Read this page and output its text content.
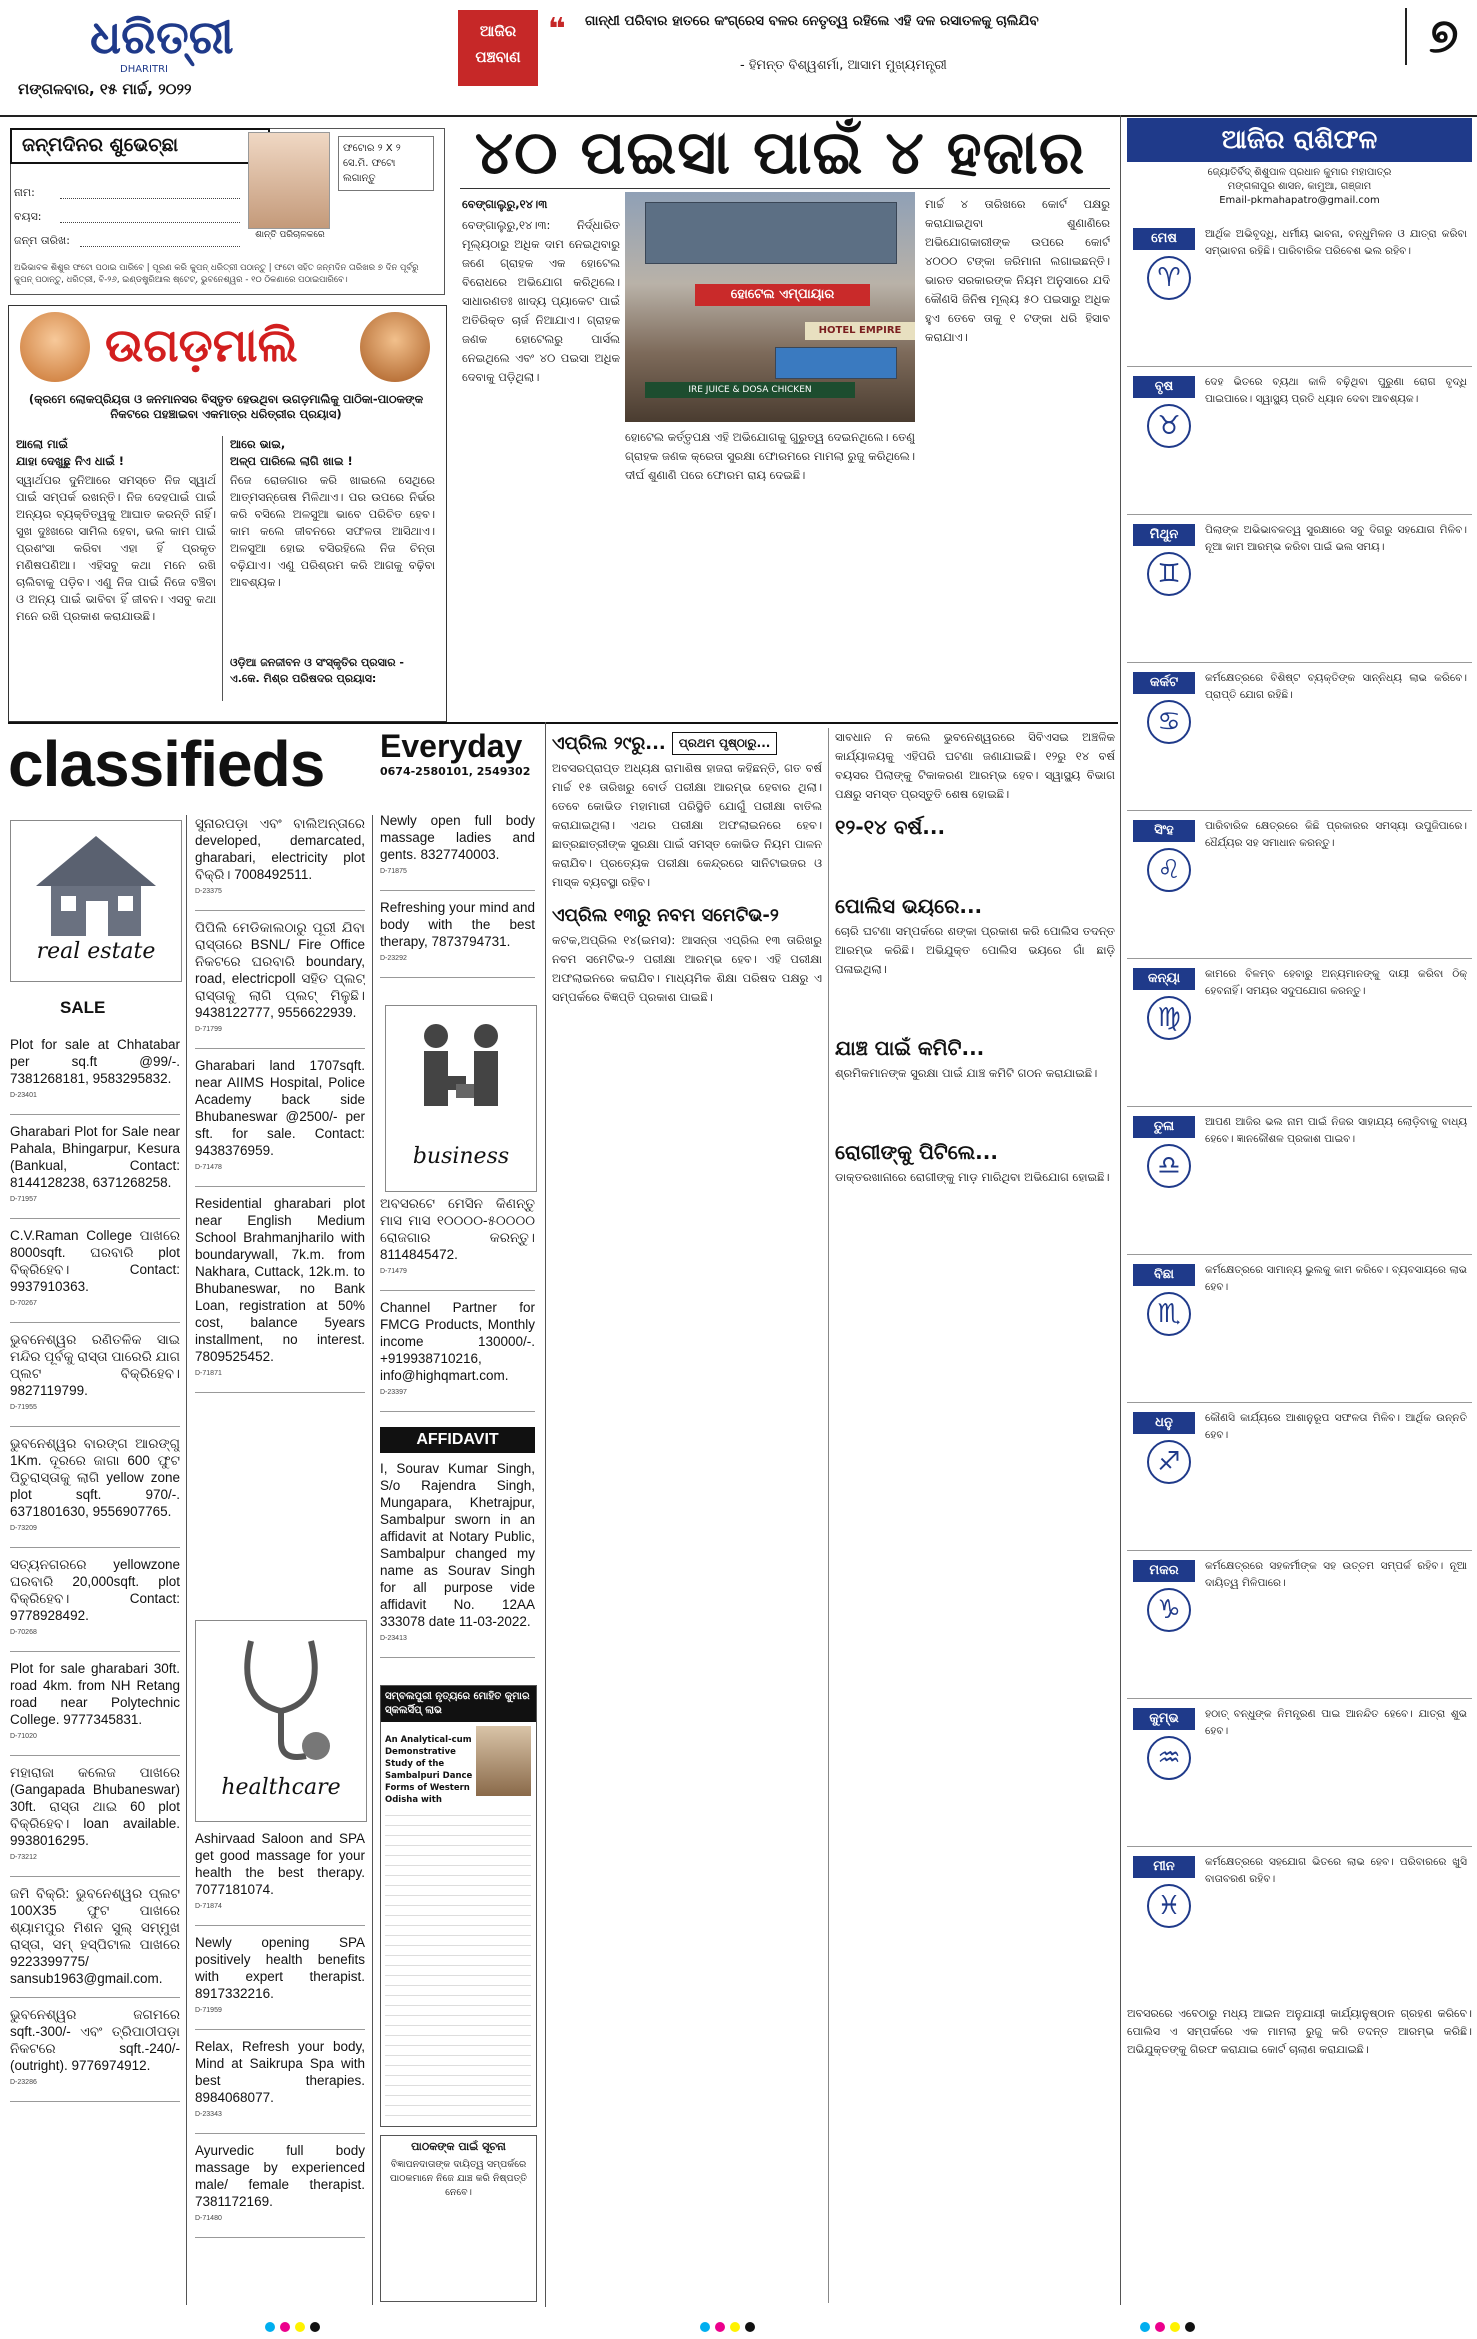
ଧରିତ୍ରୀ
DHARITRI
ମଙ୍ଗଳବାର, ୧୫ ମାର୍ଚ୍ଚ, ୨୦୨୨
ଆଜିର
ପଞ୍ଚବାଣ
❝ ଗାନ୍ଧୀ ପରିବାର ହାତରେ କଂଗ୍ରେସ ବଳର ନେତୃତ୍ୱ ରହିଲେ ଏହି ଦଳ ରସାତଳକୁ ଚାଲିଯିବ
- ହିମନ୍ତ ବିଶ୍ୱଶର୍ମା, ଆସାମ ମୁଖ୍ୟମନ୍ତ୍ରୀ
୭
ଜନ୍ମଦିନର ଶୁଭେଚ୍ଛା
ଶାନ୍ତି ପରିଚାଳକରେ
ଫଟୋର ୨ X ୨ ସେ.ମି. ଫଟୋ ଲଗାନ୍ତୁ
ନାମ:
ବୟସ:
ଜନ୍ମ ତାରିଖ:
ଅଭିଭାବକ ଶିଶୁର ଫଟୋ ପଠାଇ ପାରିବେ | ପୂରଣ କରି କୁପନ୍ ଧରିତ୍ରୀ ପଠାନ୍ତୁ | ଫଟୋ ସହିତ ଜନ୍ମଦିନ ତାରିଖର ୭ ଦିନ ପୂର୍ବରୁ କୁପନ୍ ପଠାନ୍ତୁ, ଧରିତ୍ରୀ, ବି-୨୬, ଇଣ୍ଡଷ୍ଟ୍ରିଆଲ ଷ୍ଟେଟ୍, ଭୁବନେଶ୍ୱର - ୧୦ ଠିକଣାରେ ପଠାଇପାରିବେ।
ଉଗଡ଼ମାଲି
(କ୍ରମେ ଲୋକପ୍ରିୟତା ଓ ଜନମାନସର ବିସ୍ତୃତ ହେଉଥିବା ଉଗଡ଼ମାଲିକୁ ପାଠିକା-ପାଠକଙ୍କ ନିକଟରେ ପହଞ୍ଚାଇବା ଏକମାତ୍ର ଧରିତ୍ରୀର ପ୍ରୟାସ)
ଆଲୋ ମାଇଁ
ଯାହା ଦେଖୁଛୁ ନିଏ ଧାଇଁ !
ସ୍ୱାର୍ଥପର ଦୁନିଆରେ ସମସ୍ତେ ନିଜ ସ୍ୱାର୍ଥ ପାଇଁ ସମ୍ପର୍କ ରଖନ୍ତି। ନିଜ ଦେହପାଇଁ ପାଇଁ ଅନ୍ୟର ବ୍ୟକ୍ତିତ୍ୱକୁ ଆଘାତ କରନ୍ତି ନାହିଁ। ସୁଖ ଦୁଃଖରେ ସାମିଲ ହେବା, ଭଲ କାମ ପାଇଁ ପ୍ରଶଂସା କରିବା ଏହା ହିଁ ପ୍ରକୃତ ମଣିଷପଣିଆ। ଏହିସବୁ କଥା ମନେ ରଖି ଚାଲିବାକୁ ପଡ଼ିବ। ଏଣୁ ନିଜ ପାଇଁ ନିଜେ ବଞ୍ଚିବା ଓ ଅନ୍ୟ ପାଇଁ ଭାବିବା ହିଁ ଜୀବନ। ଏସବୁ କଥା ମନେ ରଖି ପ୍ରକାଶ କରାଯାଉଛି।
ଆରେ ଭାଇ,
ଅଳ୍ପ ପାରିଲେ ଲାଗି ଖାଇ !
ନିଜେ ରୋଜଗାର କରି ଖାଇଲେ ସେଥିରେ ଆତ୍ମସନ୍ତୋଷ ମିଳିଥାଏ। ପର ଉପରେ ନିର୍ଭର କରି ବସିଲେ ଅଳସୁଆ ଭାବେ ପରିଚିତ ହେବ। କାମ କଲେ ଜୀବନରେ ସଫଳତା ଆସିଥାଏ। ଅଳସୁଆ ହୋଇ ବସିରହିଲେ ନିଜ ଚିନ୍ତା ବଢ଼ିଯାଏ। ଏଣୁ ପରିଶ୍ରମ କରି ଆଗକୁ ବଢ଼ିବା ଆବଶ୍ୟକ।
ଓଡ଼ିଆ ଜନଜୀବନ ଓ ସଂସ୍କୃତିର ପ୍ରସାର - ଏ.କେ. ମିଶ୍ର ପରିଷଦର ପ୍ରୟାସ:
୪୦ ପଇସା ପାଇଁ ୪ ହଜାର

ବେଙ୍ଗାଲୁରୁ,୧୪।୩

ବେଙ୍ଗାଲୁରୁ,୧୪।୩: ନିର୍ଦ୍ଧାରିତ ମୂଲ୍ୟଠାରୁ ଅଧିକ ଦାମ ନେଇଥିବାରୁ ଜଣେ ଗ୍ରାହକ ଏକ ହୋଟେଲ ବିରୋଧରେ ଅଭିଯୋଗ କରିଥିଲେ। ସାଧାରଣତଃ ଖାଦ୍ୟ ପ୍ୟାକେଟ ପାଇଁ ଅତିରିକ୍ତ ଚାର୍ଜ ନିଆଯାଏ। ଗ୍ରାହକ ଜଣକ ହୋଟେଲରୁ ପାର୍ସଲ ନେଇଥିଲେ ଏବଂ ୪୦ ପଇସା ଅଧିକ ଦେବାକୁ ପଡ଼ିଥିଲା।

ହୋଟେଲ ଏମ୍ପାୟାର
HOTEL EMPIRE
IRE JUICE & DOSA CHICKEN

ହୋଟେଲ କର୍ତ୍ତୃପକ୍ଷ ଏହି ଅଭିଯୋଗକୁ ଗୁରୁତ୍ୱ ଦେଇନଥିଲେ। ତେଣୁ ଗ୍ରାହକ ଜଣକ କ୍ରେତା ସୁରକ୍ଷା ଫୋରମରେ ମାମଲା ରୁଜୁ କରିଥିଲେ। ଦୀର୍ଘ ଶୁଣାଣି ପରେ ଫୋରମ ରାୟ ଦେଇଛି।

ମାର୍ଚ୍ଚ ୪ ତାରିଖରେ କୋର୍ଟ ପକ୍ଷରୁ କରାଯାଇଥିବା ଶୁଣାଣିରେ ଅଭିଯୋଗକାରୀଙ୍କ ଉପରେ କୋର୍ଟ ୪୦୦୦ ଟଙ୍କା ଜରିମାନା ଲଗାଇଛନ୍ତି। ଭାରତ ସରକାରଙ୍କ ନିୟମ ଅନୁସାରେ ଯଦି କୌଣସି ଜିନିଷ ମୂଲ୍ୟ ୫୦ ପଇସାରୁ ଅଧିକ ହୁଏ ତେବେ ତାକୁ ୧ ଟଙ୍କା ଧରି ହିସାବ କରାଯାଏ।

ଆଜିର ରାଶିଫଳ
ଜ୍ୟୋତିର୍ବିଦ୍ ଶିଶୁପାଳ ପ୍ରଧାନ କୁମାର ମହାପାତ୍ର
ମଙ୍ଗଳାପୁର ଶାସନ, କାମୁଆ, ଗଞ୍ଜାମ
Email-pkmahapatro@gmail.com
ମେଷ
♈
ଆର୍ଥିକ ଅଭିବୃଦ୍ଧି, ଧର୍ମୀୟ ଭାବନା, ବନ୍ଧୁମିଳନ ଓ ଯାତ୍ରା କରିବା ସମ୍ଭାବନା ରହିଛି। ପାରିବାରିକ ପରିବେଶ ଭଲ ରହିବ।
ବୃଷ
♉
ଦେହ ଭିତରେ ବ୍ୟଥା କାଳି ବଢ଼ିଥିବା ପୁରୁଣା ରୋଗ ବୃଦ୍ଧି ପାଇପାରେ। ସ୍ୱାସ୍ଥ୍ୟ ପ୍ରତି ଧ୍ୟାନ ଦେବା ଆବଶ୍ୟକ।
ମିଥୁନ
♊
ପିଲାଙ୍କ ଅଭିଭାବକତ୍ୱ ସୁରକ୍ଷାରେ ସବୁ ଦିଗରୁ ସହଯୋଗ ମିଳିବ। ନୂଆ କାମ ଆରମ୍ଭ କରିବା ପାଇଁ ଭଲ ସମୟ।
କର୍କଟ
♋
କର୍ମକ୍ଷେତ୍ରରେ ବିଶିଷ୍ଟ ବ୍ୟକ୍ତିଙ୍କ ସାନ୍ନିଧ୍ୟ ଲାଭ କରିବେ। ପ୍ରାପ୍ତି ଯୋଗ ରହିଛି।
ସିଂହ
♌
ପାରିବାରିକ କ୍ଷେତ୍ରରେ କିଛି ପ୍ରକାରର ସମସ୍ୟା ଉପୁଜିପାରେ। ଧୈର୍ଯ୍ୟର ସହ ସମାଧାନ କରନ୍ତୁ।
କନ୍ୟା
♍
କାମରେ ବିଳମ୍ବ ହେବାରୁ ଅନ୍ୟମାନଙ୍କୁ ଦାୟୀ କରିବା ଠିକ୍ ହେବନାହିଁ। ସମୟର ସଦୁପଯୋଗ କରନ୍ତୁ।
ତୁଳା
♎
ଆପଣ ଆଜିର ଭଲ ନାମ ପାଇଁ ନିଜର ସାହାଯ୍ୟ ଲୋଡ଼ିବାକୁ ବାଧ୍ୟ ହେବେ। ଜ୍ଞାନକୌଶଳ ପ୍ରକାଶ ପାଇବ।
ବିଛା
♏
କର୍ମକ୍ଷେତ୍ରରେ ସାମାନ୍ୟ ଭୁଲକୁ କାମ କରିବେ। ବ୍ୟବସାୟରେ ଲାଭ ହେବ।
ଧନୁ
♐
କୌଣସି କାର୍ଯ୍ୟରେ ଆଶାନୁରୂପ ସଫଳତା ମିଳିବ। ଆର୍ଥିକ ଉନ୍ନତି ହେବ।
ମକର
♑
କର୍ମକ୍ଷେତ୍ରରେ ସହକର୍ମୀଙ୍କ ସହ ଉତ୍ତମ ସମ୍ପର୍କ ରହିବ। ନୂଆ ଦାୟିତ୍ୱ ମିଳିପାରେ।
କୁମ୍ଭ
♒
ହଠାତ୍ ବନ୍ଧୁଙ୍କ ନିମନ୍ତ୍ରଣ ପାଇ ଆନନ୍ଦିତ ହେବେ। ଯାତ୍ରା ଶୁଭ ହେବ।
ମୀନ
♓
କର୍ମକ୍ଷେତ୍ରରେ ସହଯୋଗ ଭିତରେ ଲାଭ ହେବ। ପରିବାରରେ ଖୁସି ବାତାବରଣ ରହିବ।
ଅବସରରେ ଏବେଠାରୁ ମଧ୍ୟ ଆଇନ ଅନୁଯାୟୀ କାର୍ଯ୍ୟାନୁଷ୍ଠାନ ଗ୍ରହଣ କରିବେ। ପୋଲିସ ଏ ସମ୍ପର୍କରେ ଏକ ମାମଲା ରୁଜୁ କରି ତଦନ୍ତ ଆରମ୍ଭ କରିଛି। ଅଭିଯୁକ୍ତଙ୍କୁ ଗିରଫ କରାଯାଇ କୋର୍ଟ ଚାଲାଣ କରାଯାଇଛି।
classifieds Everyday
0674-2580101, 2549302
real estate
SALE
Plot for sale at Chhatabar per sq.ft @99/-. 7381268181, 9583295832.
D-23401
Gharabari Plot for Sale near Pahala, Bhingarpur, Kesura (Bankual, Contact: 8144128238, 6371268258.
D-71957
C.V.Raman College ପାଖରେ 8000sqft. ଘରବାରି plot ବିକ୍ରିହେବ। Contact: 9937910363.
D-70267
ଭୁବନେଶ୍ୱର ରଣିତଳିକ ସାଇ ମନ୍ଦିର ପୂର୍ବକୁ ରାସ୍ତା ପାରେରି ଯାଗ ପ୍ଲଟ ବିକ୍ରିହେବ। 9827119799.
D-71955
ଭୁବନେଶ୍ୱର ବାରଙ୍ଗ ଆରଙ୍ଗୁ 1Km. ଦୂରରେ ଜାଗା 600 ଫୁଟ ପିଚୁରାସ୍ତାକୁ ଲାଗି yellow zone plot sqft. 970/-. 6371801630, 9556907765.
D-73209
ସତ୍ୟନଗରରେ yellowzone ଘରବାରି 20,000sqft. plot ବିକ୍ରିହେବ। Contact: 9778928492.
D-70268
Plot for sale gharabari 30ft. road 4km. from NH Retang road near Polytechnic College. 9777345831.
D-71020
ମହାରାଜା କଲେଜ ପାଖରେ (Gangapada Bhubaneswar) 30ft. ରାସ୍ତା ଥାଇ 60 plot ବିକ୍ରିହେବ। loan available. 9938016295.
D-73212
ଜମି ବିକ୍ରି: ଭୁବନେଶ୍ୱର ପ୍ଲଟ 100X35 ଫୁଟ ପାଖରେ ଶ୍ୟାମପୁର ମିଶନ ସୁଲ୍ ସମ୍ମୁଖ ରାସ୍ତା, ସମ୍ ହସ୍ପିଟାଲ ପାଖରେ 9223399775/ sansub1963@gmail.com.
ଭୁବନେଶ୍ୱର ଜଗମରେ sqft.-300/- ଏବଂ ତ୍ରିପାଠୀପଡ଼ା ନିକଟରେ sqft.-240/- (outright). 9776974912.
D-23286
ସୁନାରପଡ଼ା ଏବଂ ବାଲିଅନ୍ତାରେ developed, demarcated, gharabari, electricity plot ବିକ୍ରି। 7008492511.
D-23375
ପିପିଲି ମେଡିକାଲଠାରୁ ପୂରୀ ଯିବା ରାସ୍ତାରେ BSNL/ Fire Office ନିକଟରେ ଘରବାରି boundary, road, electricpoll ସହିତ ପ୍ଲଟ୍ ରାସ୍ତାକୁ ଲାଗି ପ୍ଲଟ୍ ମିଳୁଛି। 9438122777, 9556622939.
D-71799
Gharabari land 1707sqft. near AIIMS Hospital, Police Academy back side Bhubaneswar @2500/- per sft. for sale. Contact: 9438376959.
D-71478
Residential gharabari plot near English Medium School Brahmanjharilo with boundarywall, 7k.m. from Nakhara, Cuttack, 12k.m. to Bhubaneswar, no Bank Loan, registration at 50% cost, balance 5years installment, no interest. 7809525452.
D-71871
healthcare
Ashirvaad Saloon and SPA get good massage for your health the best therapy. 7077181074.
D-71874
Newly opening SPA positively health benefits with expert therapist. 8917332216.
D-71959
Relax, Refresh your body, Mind at Saikrupa Spa with best therapies. 8984068077.
D-23343
Ayurvedic full body massage by experienced male/ female therapist. 7381172169.
D-71480
Newly open full body massage ladies and gents. 8327740003.
D-71875
Refreshing your mind and body with the best therapy, 7873794731.
D-23292
business
ଅବସରଟେ ମେସିନ କିଣନ୍ତୁ ମାସ ମାସ ୧୦୦୦୦-୫୦୦୦୦ ରୋଜଗାର କରନ୍ତୁ। 8114845472.
D-71479
Channel Partner for FMCG Products, Monthly income 130000/-. +919938710216, info@highqmart.com.
D-23397
AFFIDAVIT
I, Sourav Kumar Singh, S/o Rajendra Singh, Mungapara, Khetrajpur, Sambalpur sworn in an affidavit at Notary Public, Sambalpur changed my name as Sourav Singh for all purpose vide affidavit No. 12AA 333078 date 11-03-2022.
D-23413
ସମ୍ବଲପୁରୀ ନୃତ୍ୟରେ ମୋହିତ କୁମାର ସ୍କଲର୍ସିପ୍ ଲାଭ
An Analytical-cum Demonstrative Study of the Sambalpuri Dance Forms of Western Odisha with
ପାଠକଙ୍କ ପାଇଁ ସୂଚନା
ବିଜ୍ଞାପନଦାତାଙ୍କ ଦାୟିତ୍ୱ ସମ୍ପର୍କରେ ପାଠକମାନେ ନିଜେ ଯାଞ୍ଚ କରି ନିଷ୍ପତ୍ତି ନେବେ।
ଏପ୍ରିଲ ୨୯ରୁ...	ପ୍ରଥମ ପୃଷ୍ଠାରୁ...

ଅବସରପ୍ରାପ୍ତ ଅଧ୍ୟକ୍ଷ ରାମାଶିଷ ହାଜରା କହିଛନ୍ତି, ଗତ ବର୍ଷ ମାର୍ଚ୍ଚ ୧୫ ତାରିଖରୁ ବୋର୍ଡ ପରୀକ୍ଷା ଆରମ୍ଭ ହେବାର ଥିଲା। ତେବେ କୋଭିଡ ମହାମାରୀ ପରିସ୍ଥିତି ଯୋଗୁଁ ପରୀକ୍ଷା ବାତିଲ କରାଯାଇଥିଲା। ଏଥର ପରୀକ୍ଷା ଅଫଲାଇନରେ ହେବ। ଛାତ୍ରଛାତ୍ରୀଙ୍କ ସୁରକ୍ଷା ପାଇଁ ସମସ୍ତ କୋଭିଡ ନିୟମ ପାଳନ କରାଯିବ। ପ୍ରତ୍ୟେକ ପରୀକ୍ଷା କେନ୍ଦ୍ରରେ ସାନିଟାଇଜର ଓ ମାସ୍କ ବ୍ୟବସ୍ଥା ରହିବ।

ଏପ୍ରିଲ ୧୩ରୁ ନବମ ସମେଟିଭ-୨

କଟକ,ଅପ୍ରିଲ ୧୪(ଇମସ): ଆସନ୍ତା ଏପ୍ରିଲ ୧୩ ତାରିଖରୁ ନବମ ସମେଟିଭ-୨ ପରୀକ୍ଷା ଆରମ୍ଭ ହେବ। ଏହି ପରୀକ୍ଷା ଅଫଲାଇନରେ କରାଯିବ। ମାଧ୍ୟମିକ ଶିକ୍ଷା ପରିଷଦ ପକ୍ଷରୁ ଏ ସମ୍ପର୍କରେ ବିଜ୍ଞପ୍ତି ପ୍ରକାଶ ପାଇଛି।

ସାବଧାନ ନ କଲେ ଭୁବନେଶ୍ୱରରେ ସିବିଏସଇ ଅଞ୍ଚଳିକ କାର୍ଯ୍ୟାଳୟକୁ ଏହିପରି ଘଟଣା ଜଣାଯାଇଛି। ୧୨ରୁ ୧୪ ବର୍ଷ ବୟସର ପିଲାଙ୍କୁ ଟିକାକରଣ ଆରମ୍ଭ ହେବ। ସ୍ୱାସ୍ଥ୍ୟ ବିଭାଗ ପକ୍ଷରୁ ସମସ୍ତ ପ୍ରସ୍ତୁତି ଶେଷ ହୋଇଛି।

୧୨-୧୪ ବର୍ଷ...
ପୋଲିସ ଭୟରେ...

ଚୋରି ଘଟଣା ସମ୍ପର୍କରେ ଶଙ୍କା ପ୍ରକାଶ କରି ପୋଲିସ ତଦନ୍ତ ଆରମ୍ଭ କରିଛି। ଅଭିଯୁକ୍ତ ପୋଲିସ ଭୟରେ ଗାଁ ଛାଡ଼ି ପଳାଇଥିଲା।

ଯାଞ୍ଚ ପାଇଁ କମିଟି...

ଶ୍ରମିକମାନଙ୍କ ସୁରକ୍ଷା ପାଇଁ ଯାଞ୍ଚ କମିଟି ଗଠନ କରାଯାଇଛି।

ରୋଗୀଙ୍କୁ ପିଟିଲେ...

ଡାକ୍ତରଖାନାରେ ରୋଗୀଙ୍କୁ ମାଡ଼ ମାରିଥିବା ଅଭିଯୋଗ ହୋଇଛି।
